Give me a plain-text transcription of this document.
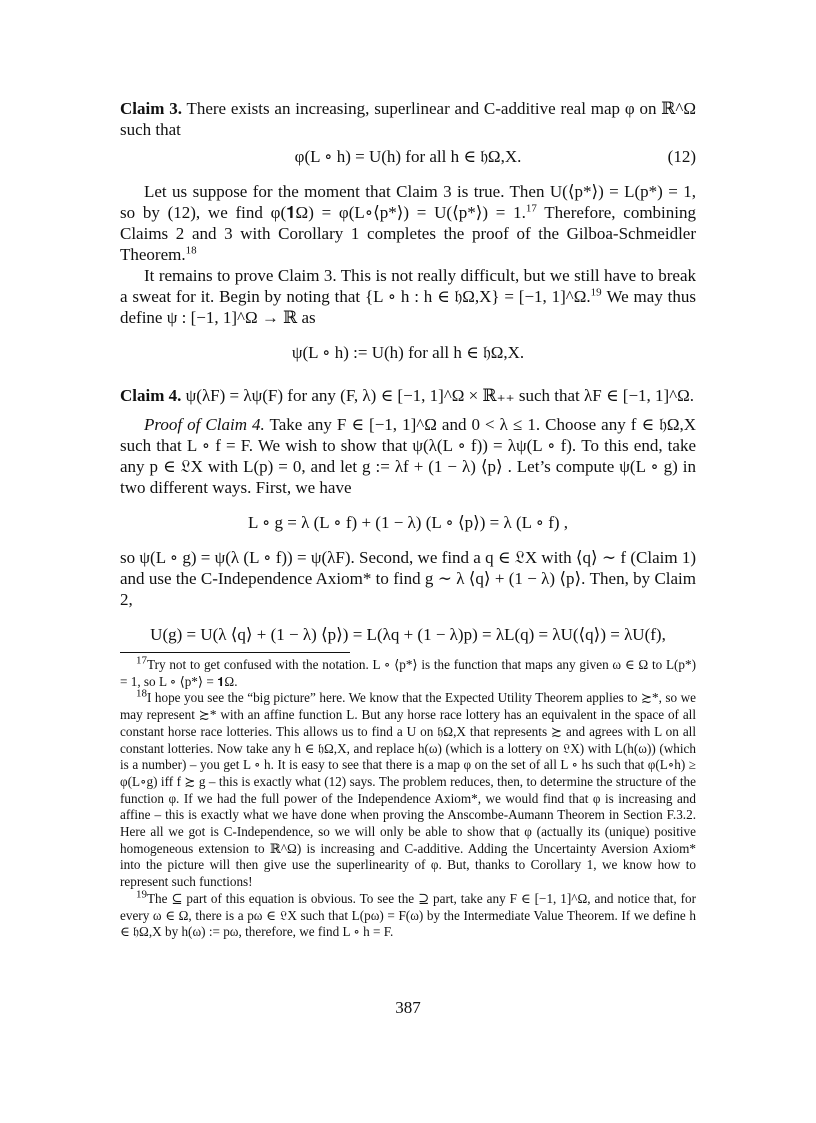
Claim 3. There exists an increasing, superlinear and C-additive real map φ on ℝ^Ω such that

φ(L ∘ h) = U(h) for all h ∈ 𝔥Ω,X.	(12)

Let us suppose for the moment that Claim 3 is true. Then U(⟨p*⟩) = L(p*) = 1, so by (12), we find φ(𝟏Ω) = φ(L∘⟨p*⟩) = U(⟨p*⟩) = 1.17 Therefore, combining Claims 2 and 3 with Corollary 1 completes the proof of the Gilboa-Schmeidler Theorem.$^{18}$

It remains to prove Claim 3. This is not really difficult, but we still have to break a sweat for it. Begin by noting that {L ∘ h : h ∈ 𝔥Ω,X} = [−1, 1]^Ω.$^{19}$ We may thus define ψ : [−1, 1]^Ω → ℝ as

ψ(L ∘ h) := U(h) for all h ∈ 𝔥Ω,X.

Claim 4. ψ(λF) = λψ(F) for any (F, λ) ∈ [−1, 1]^Ω × ℝ₊₊ such that λF ∈ [−1, 1]^Ω.

Proof of Claim 4. Take any F ∈ [−1, 1]^Ω and 0 < λ ≤ 1. Choose any f ∈ 𝔥Ω,X such that L ∘ f = F. We wish to show that ψ(λ(L ∘ f)) = λψ(L ∘ f). To this end, take any p ∈ 𝔏X with L(p) = 0, and let g := λf + (1 − λ) ⟨p⟩ . Let’s compute ψ(L ∘ g) in two different ways. First, we have

L ∘ g = λ (L ∘ f) + (1 − λ) (L ∘ ⟨p⟩) = λ (L ∘ f) ,

so ψ(L ∘ g) = ψ(λ (L ∘ f)) = ψ(λF). Second, we find a q ∈ 𝔏X with ⟨q⟩ ∼ f (Claim 1) and use the C-Independence Axiom* to find g ∼ λ ⟨q⟩ + (1 − λ) ⟨p⟩. Then, by Claim 2,

U(g) = U(λ ⟨q⟩ + (1 − λ) ⟨p⟩) = L(λq + (1 − λ)p) = λL(q) = λU(⟨q⟩) = λU(f),

$^{17}$Try not to get confused with the notation. L ∘ ⟨p*⟩ is the function that maps any given ω ∈ Ω to L(p*) = 1, so L ∘ ⟨p*⟩ = 𝟏Ω.

$^{18}$I hope you see the “big picture” here. We know that the Expected Utility Theorem applies to ≿*, so we may represent ≿* with an affine function L. But any horse race lottery has an equivalent in the space of all constant horse race lotteries. This allows us to find a U on 𝔥Ω,X that represents ≿ and agrees with L on all constant lotteries. Now take any h ∈ 𝔥Ω,X, and replace h(ω) (which is a lottery on 𝔏X) with L(h(ω)) (which is a number) – you get L ∘ h. It is easy to see that there is a map φ on the set of all L ∘ hs such that φ(L∘h) ≥ φ(L∘g) iff f ≿ g – this is exactly what (12) says. The problem reduces, then, to determine the structure of the function φ. If we had the full power of the Independence Axiom*, we would find that φ is increasing and affine – this is exactly what we have done when proving the Anscombe-Aumann Theorem in Section F.3.2. Here all we got is C-Independence, so we will only be able to show that φ (actually its (unique) positive homogeneous extension to ℝ^Ω) is increasing and C-additive. Adding the Uncertainty Aversion Axiom* into the picture will then give use the superlinearity of φ. But, thanks to Corollary 1, we know how to represent such functions!

$^{19}$The ⊆ part of this equation is obvious. To see the ⊇ part, take any F ∈ [−1, 1]^Ω, and notice that, for every ω ∈ Ω, there is a pω ∈ 𝔏X such that L(pω) = F(ω) by the Intermediate Value Theorem. If we define h ∈ 𝔥Ω,X by h(ω) := pω, therefore, we find L ∘ h = F.

387
